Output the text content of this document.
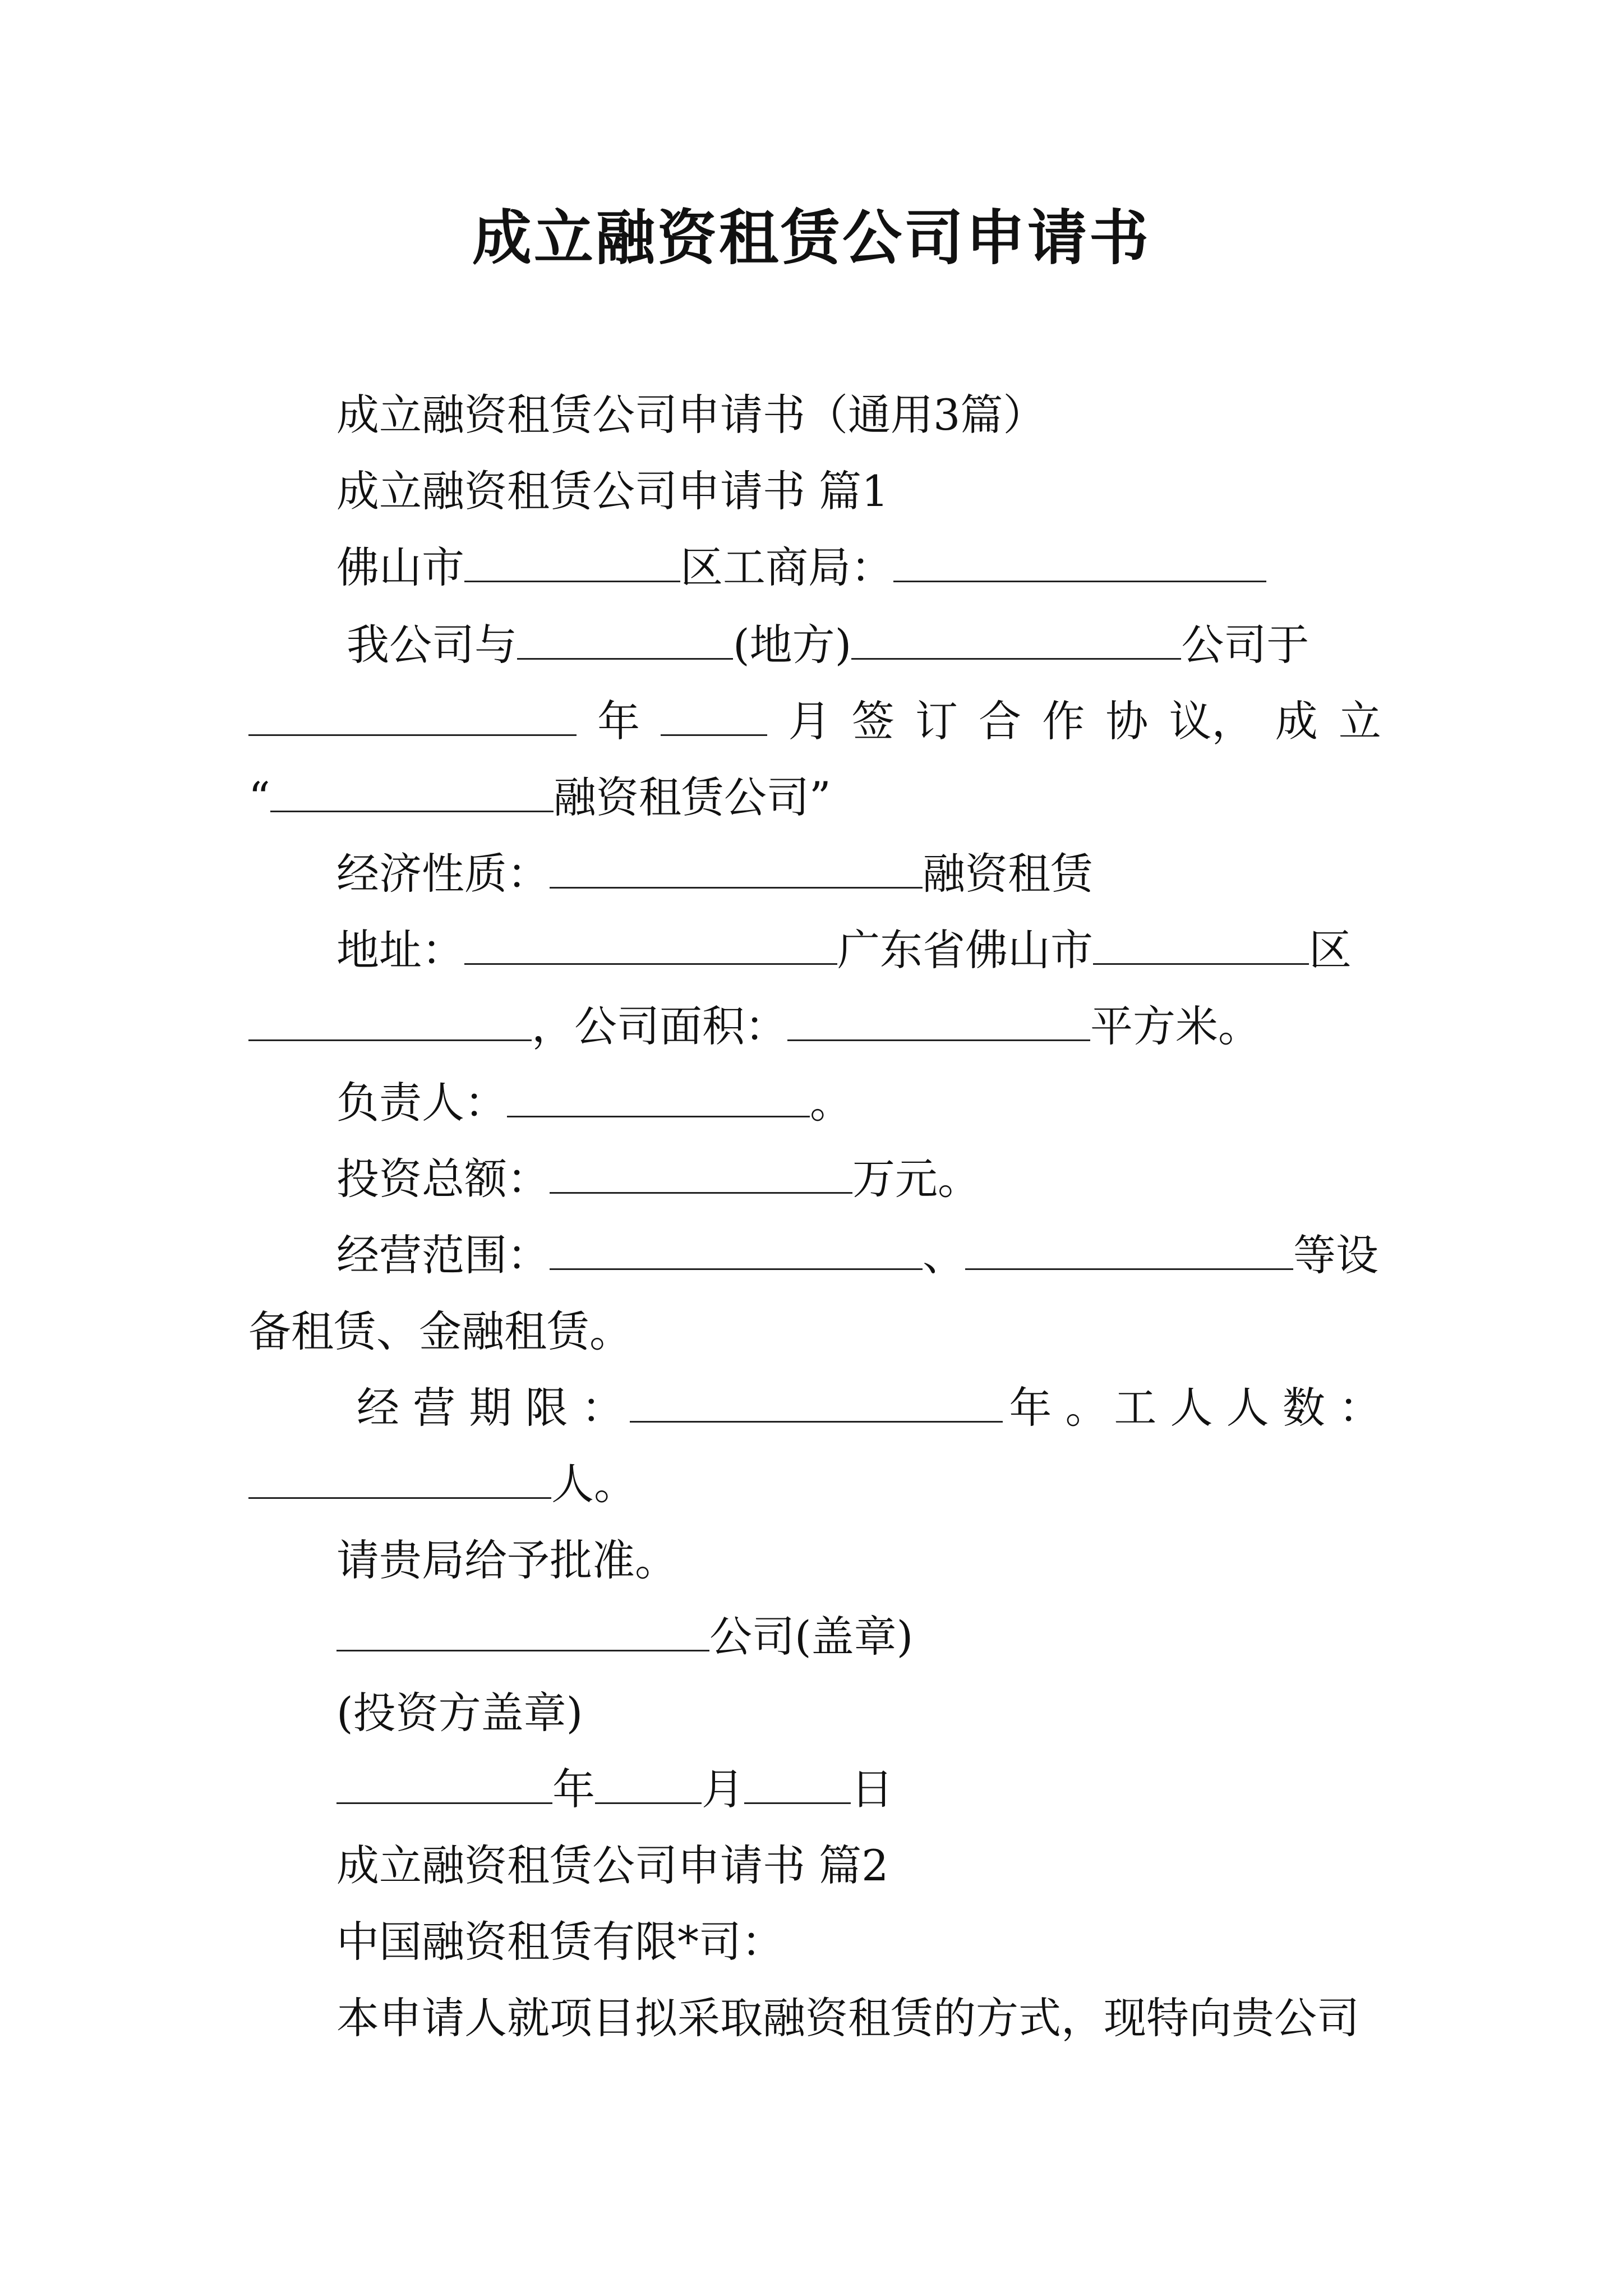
成立融资租赁公司申请书
成立融资租赁公司申请书（通用3篇）
成立融资租赁公司申请书 篇1
佛山市	区工商局：
我公司与	(地方)	公司于
年	月 签 订 合 作 协 议， 成 立
“	融资租赁公司”
经济性质：	融资租赁
地址：	广东省佛山市	区
，公司面积：	平方米。
负责人：	。
投资总额：	万元。
经营范围：	、	等设
备租赁、金融租赁。
经 营 期 限 ：	年 。 工 人 人 数 ：
人。
请贵局给予批准。
公司(盖章)
(投资方盖章)
年	月	日
成立融资租赁公司申请书 篇2
中国融资租赁有限*司：
本申请人就项目拟采取融资租赁的方式，现特向贵公司
